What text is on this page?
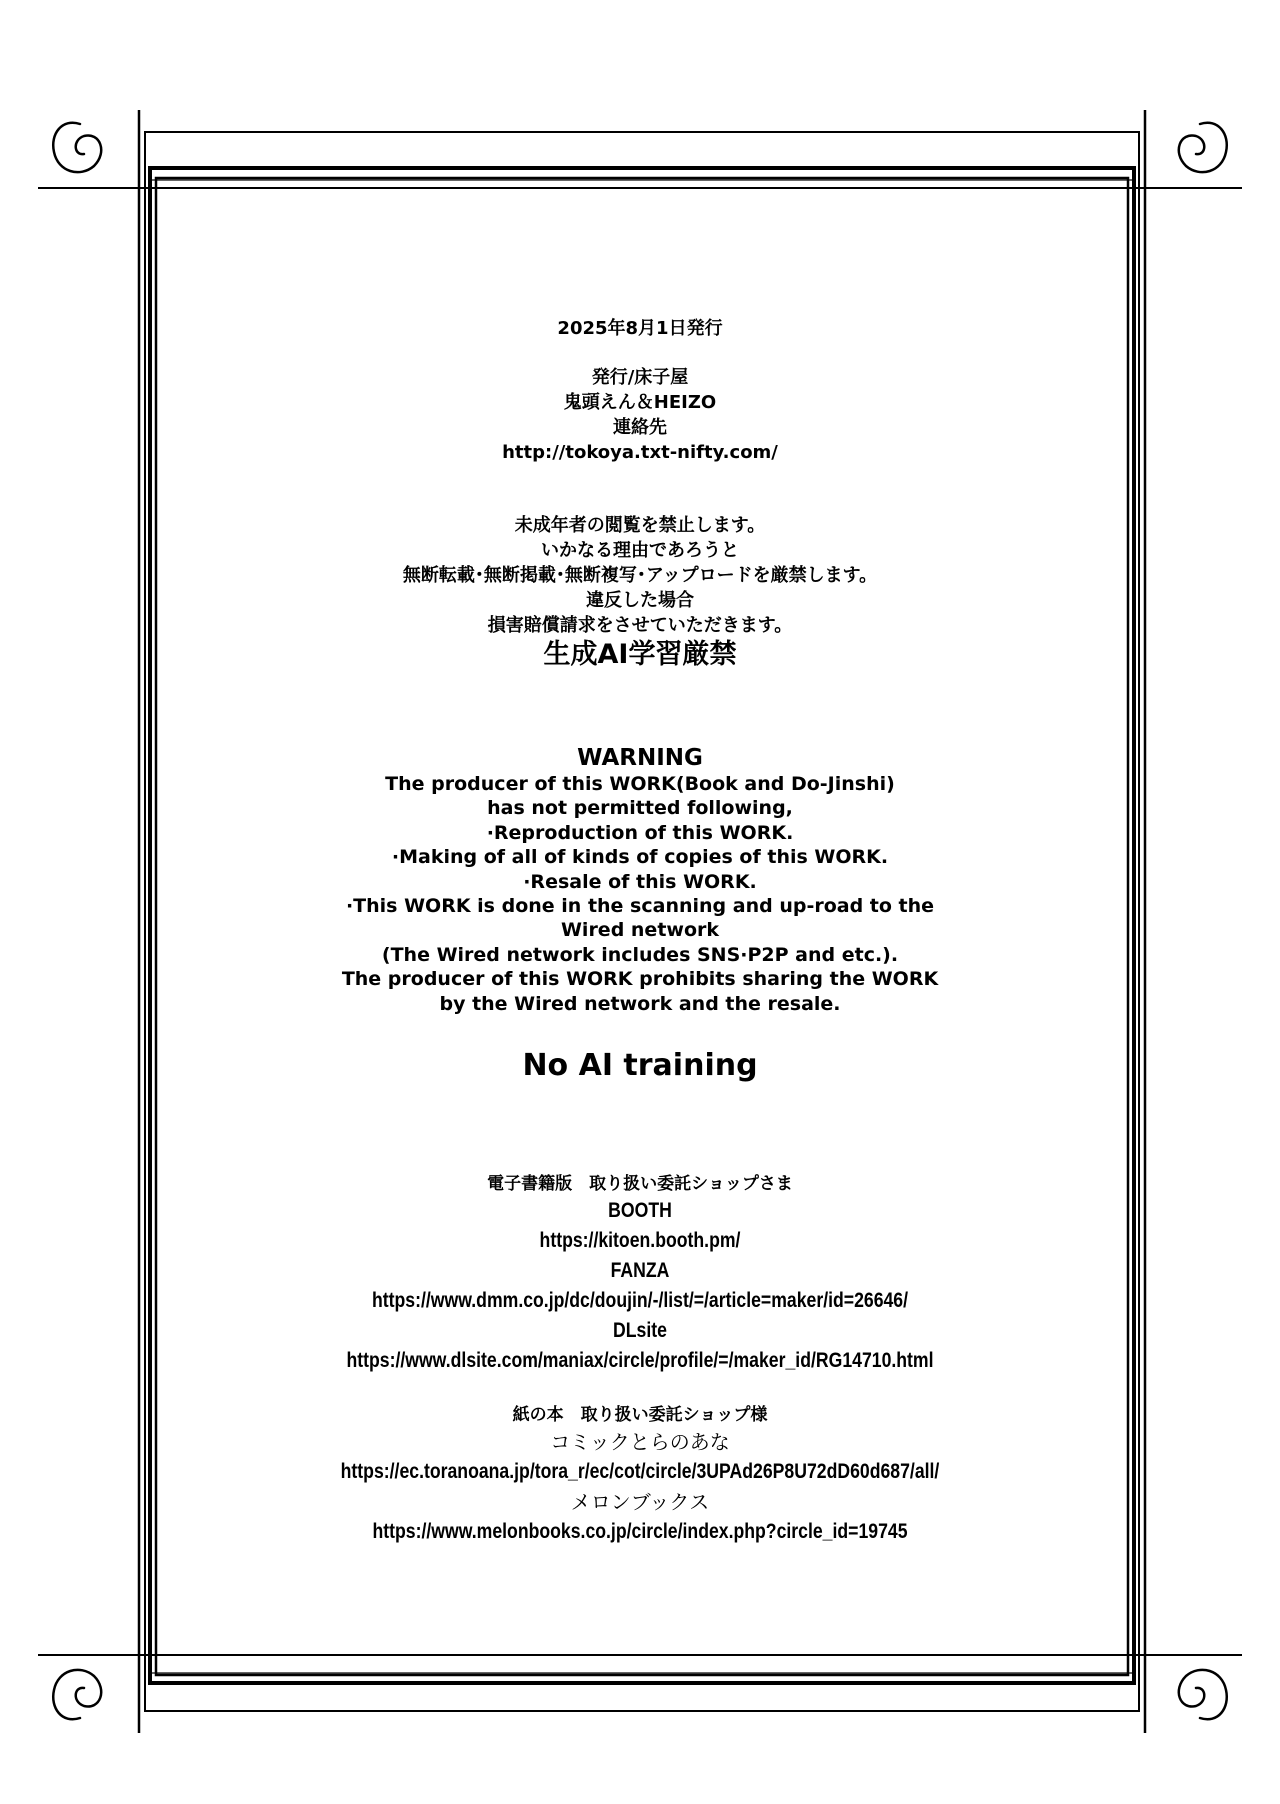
2025年8月1日発行
発行/床子屋
鬼頭えん＆HEIZO
連絡先
http://tokoya.txt-nifty.com/
未成年者の閲覧を禁止します。
いかなる理由であろうと
無断転載･無断掲載･無断複写･アップロードを厳禁します。
違反した場合
損害賠償請求をさせていただきます。
生成AI学習厳禁
WARNING
The producer of this WORK(Book and Do-Jinshi)
has not permitted following,
·Reproduction of this WORK.
·Making of all of kinds of copies of this WORK.
·Resale of this WORK.
·This WORK is done in the scanning and up-road to the
Wired network
(The Wired network includes SNS·P2P and etc.).
The producer of this WORK prohibits sharing the WORK
by the Wired network and the resale.
No AI training
電子書籍版　取り扱い委託ショップさま
BOOTH
https://kitoen.booth.pm/
FANZA
https://www.dmm.co.jp/dc/doujin/-/list/=/article=maker/id=26646/
DLsite
https://www.dlsite.com/maniax/circle/profile/=/maker_id/RG14710.html
紙の本　取り扱い委託ショップ様
コミックとらのあな
https://ec.toranoana.jp/tora_r/ec/cot/circle/3UPAd26P8U72dD60d687/all/
メロンブックス
https://www.melonbooks.co.jp/circle/index.php?circle_id=19745
